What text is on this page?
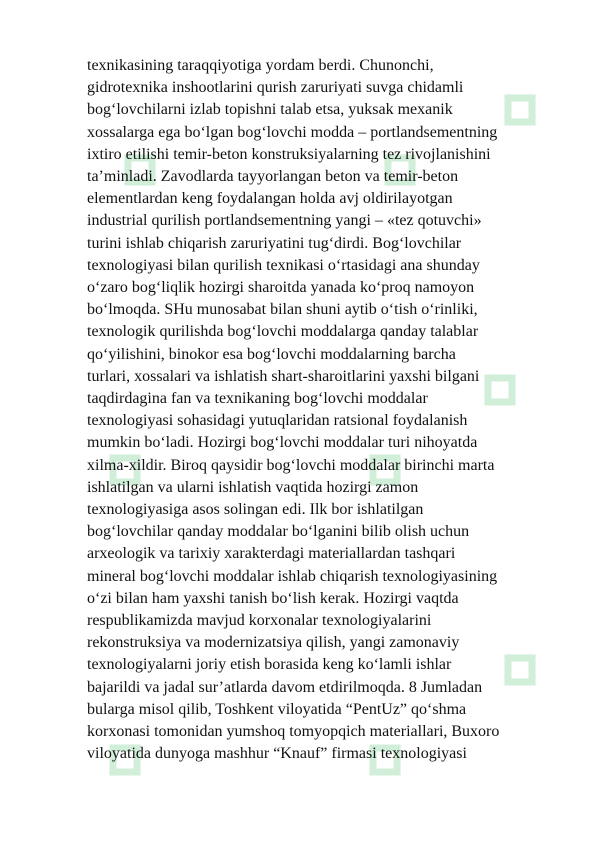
texnikasining taraqqiyotiga yordam berdi. Chunonchi,
gidrotexnika inshootlarini qurish zaruriyati suvga chidamli
bog‘lovchilarni izlab topishni talab etsa, yuksak mexanik
xossalarga ega bo‘lgan bog‘lovchi modda – portlandsementning
ixtiro etilishi temir-beton konstruksiyalarning tez rivojlanishini
ta’minladi. Zavodlarda tayyorlangan beton va temir-beton
elementlardan keng foydalangan holda avj oldirilayotgan
industrial qurilish portlandsementning yangi – «tez qotuvchi»
turini ishlab chiqarish zaruriyatini tug‘dirdi. Bog‘lovchilar
texnologiyasi bilan qurilish texnikasi o‘rtasidagi ana shunday
o‘zaro bog‘liqlik hozirgi sharoitda yanada ko‘proq namoyon
bo‘lmoqda. SHu munosabat bilan shuni aytib o‘tish o‘rinliki,
texnologik qurilishda bog‘lovchi moddalarga qanday talablar
qo‘yilishini, binokor esa bog‘lovchi moddalarning barcha
turlari, xossalari va ishlatish shart-sharoitlarini yaxshi bilgani
taqdirdagina fan va texnikaning bog‘lovchi moddalar
texnologiyasi sohasidagi yutuqlaridan ratsional foydalanish
mumkin bo‘ladi. Hozirgi bog‘lovchi moddalar turi nihoyatda
xilma-xildir. Biroq qaysidir bog‘lovchi moddalar birinchi marta
ishlatilgan va ularni ishlatish vaqtida hozirgi zamon
texnologiyasiga asos solingan edi. Ilk bor ishlatilgan
bog‘lovchilar qanday moddalar bo‘lganini bilib olish uchun
arxeologik va tarixiy xarakterdagi materiallardan tashqari
mineral bog‘lovchi moddalar ishlab chiqarish texnologiyasining
o‘zi bilan ham yaxshi tanish bo‘lish kerak. Hozirgi vaqtda
respublikamizda mavjud korxonalar texnologiyalarini
rekonstruksiya va modernizatsiya qilish, yangi zamonaviy
texnologiyalarni joriy etish borasida keng ko‘lamli ishlar
bajarildi va jadal sur’atlarda davom etdirilmoqda. 8 Jumladan
bularga misol qilib, Toshkent viloyatida “PentUz” qo‘shma
korxonasi tomonidan yumshoq tomyopqich materiallari, Buxoro
viloyatida dunyoga mashhur “Knauf” firmasi texnologiyasi
